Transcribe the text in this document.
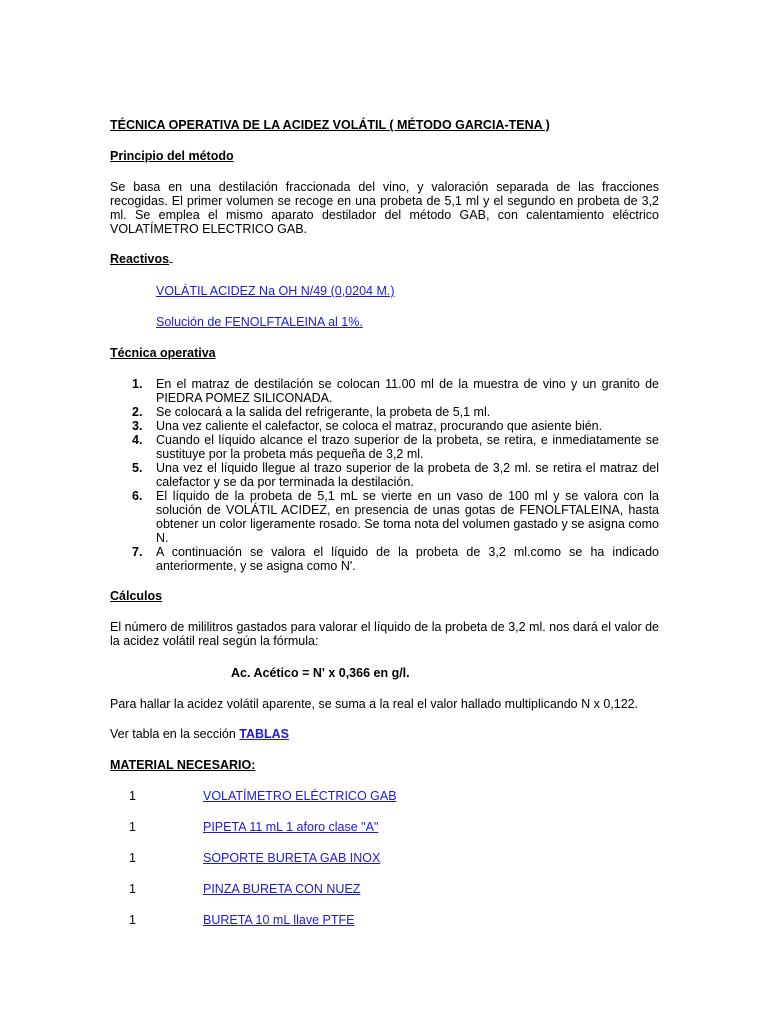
TÉCNICA OPERATIVA DE LA ACIDEZ VOLÁTIL ( MÉTODO GARCIA-TENA )
Principio del método
Se basa en una destilación fraccionada del vino, y valoración separada de las fracciones recogidas. El primer volumen se recoge en una probeta de 5,1 ml y el segundo en probeta de 3,2 ml. Se emplea el mismo aparato destilador del método GAB, con calentamiento eléctrico VOLATÍMETRO ELECTRICO GAB.
Reactivos
VOLÁTIL ACIDEZ Na OH N/49 (0,0204 M.)
Solución de FENOLFTALEINA al 1%.
Técnica operativa
1. En el matraz de destilación se colocan 11.00 ml de la muestra de vino y un granito de PIEDRA POMEZ SILICONADA.
2. Se colocará a la salida del refrigerante, la probeta de 5,1 ml.
3. Una vez caliente el calefactor, se coloca el matraz, procurando que asiente bién.
4. Cuando el líquido alcance el trazo superior de la probeta, se retira, e inmediatamente se sustituye por la probeta más pequeña de 3,2 ml.
5. Una vez el líquido llegue al trazo superior de la probeta de 3,2 ml. se retira el matraz del calefactor y se da por terminada la destilación.
6. El líquido de la probeta de 5,1 mL se vierte en un vaso de 100 ml y se valora con la solución de VOLÁTIL ACIDEZ, en presencia de unas gotas de FENOLFTALEINA, hasta obtener un color ligeramente rosado. Se toma nota del volumen gastado y se asigna como N.
7. A continuación se valora el líquido de la probeta de 3,2 ml.como se ha indicado anteriormente, y se asigna como N'.
Cálculos
El número de mililitros gastados para valorar el líquido de la probeta de 3,2 ml. nos dará el valor de la acidez volátil real según la fórmula:
Ac. Acético = N' x 0,366 en g/l.
Para hallar la acidez volátil aparente, se suma a la real el valor hallado multiplicando N x 0,122.
Ver tabla en la sección TABLAS
MATERIAL NECESARIO:
1	VOLATÍMETRO ELÉCTRICO GAB
1	PIPETA 11 mL 1 aforo clase "A"
1	SOPORTE BURETA GAB INOX
1	PINZA BURETA CON NUEZ
1	BURETA 10 mL llave PTFE
